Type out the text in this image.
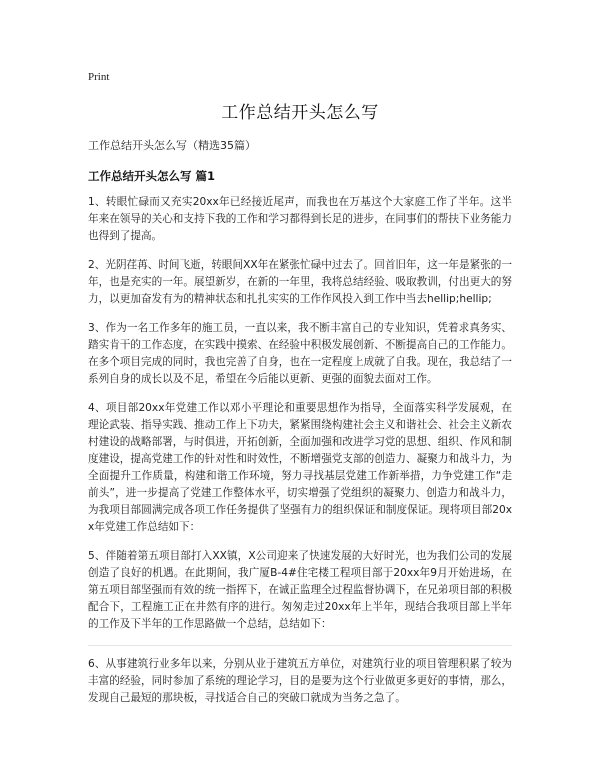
Print
工作总结开头怎么写
工作总结开头怎么写（精选35篇）
工作总结开头怎么写 篇1

1、转眼忙碌而又充实20xx年已经接近尾声，而我也在万基这个大家庭工作了半年。这半年来在领导的关心和支持下我的工作和学习都得到长足的进步，在同事们的帮扶下业务能力也得到了提高。

2、光阴荏苒、时间飞逝，转眼间XX年在紧张忙碌中过去了。回首旧年，这一年是紧张的一年，也是充实的一年。展望新岁，在新的一年里，我将总结经验、吸取教训，付出更大的努力，以更加奋发有为的精神状态和扎扎实实的工作作风投入到工作中当去hellip;hellip;

3、作为一名工作多年的施工员，一直以来，我不断丰富自己的专业知识，凭着求真务实、踏实肯干的工作态度，在实践中摸索、在经验中积极发展创新、不断提高自己的工作能力。在多个项目完成的同时，我也完善了自身，也在一定程度上成就了自我。现在，我总结了一系列自身的成长以及不足，希望在今后能以更新、更强的面貌去面对工作。

4、项目部20xx年党建工作以邓小平理论和重要思想作为指导，全面落实科学发展观，在理论武装、指导实践、推动工作上下功夫，紧紧围绕构建社会主义和谐社会、社会主义新农村建设的战略部署，与时俱进，开拓创新，全面加强和改进学习党的思想、组织、作风和制度建设，提高党建工作的针对性和时效性，不断增强党支部的创造力、凝聚力和战斗力，为全面提升工作质量，构建和谐工作环境，努力寻找基层党建工作新举措，力争党建工作“走前头”，进一步提高了党建工作整体水平，切实增强了党组织的凝聚力、创造力和战斗力，为我项目部圆满完成各项工作任务提供了坚强有力的组织保证和制度保证。现将项目部20xx年党建工作总结如下：

5、伴随着第五项目部打入XX镇，X公司迎来了快速发展的大好时光，也为我们公司的发展创造了良好的机遇。在此期间，我广厦B-4#住宅楼工程项目部于20xx年9月开始进场，在第五项目部坚强而有效的统一指挥下，在诚正监理全过程监督协调下，在兄弟项目部的积极配合下，工程施工正在井然有序的进行。匆匆走过20xx年上半年，现结合我项目部上半年的工作及下半年的工作思路做一个总结，总结如下：

6、从事建筑行业多年以来，分别从业于建筑五方单位，对建筑行业的项目管理积累了较为丰富的经验，同时参加了系统的理论学习，目的是要为这个行业做更多更好的事情，那么，发现自己最短的那块板，寻找适合自己的突破口就成为当务之急了。
